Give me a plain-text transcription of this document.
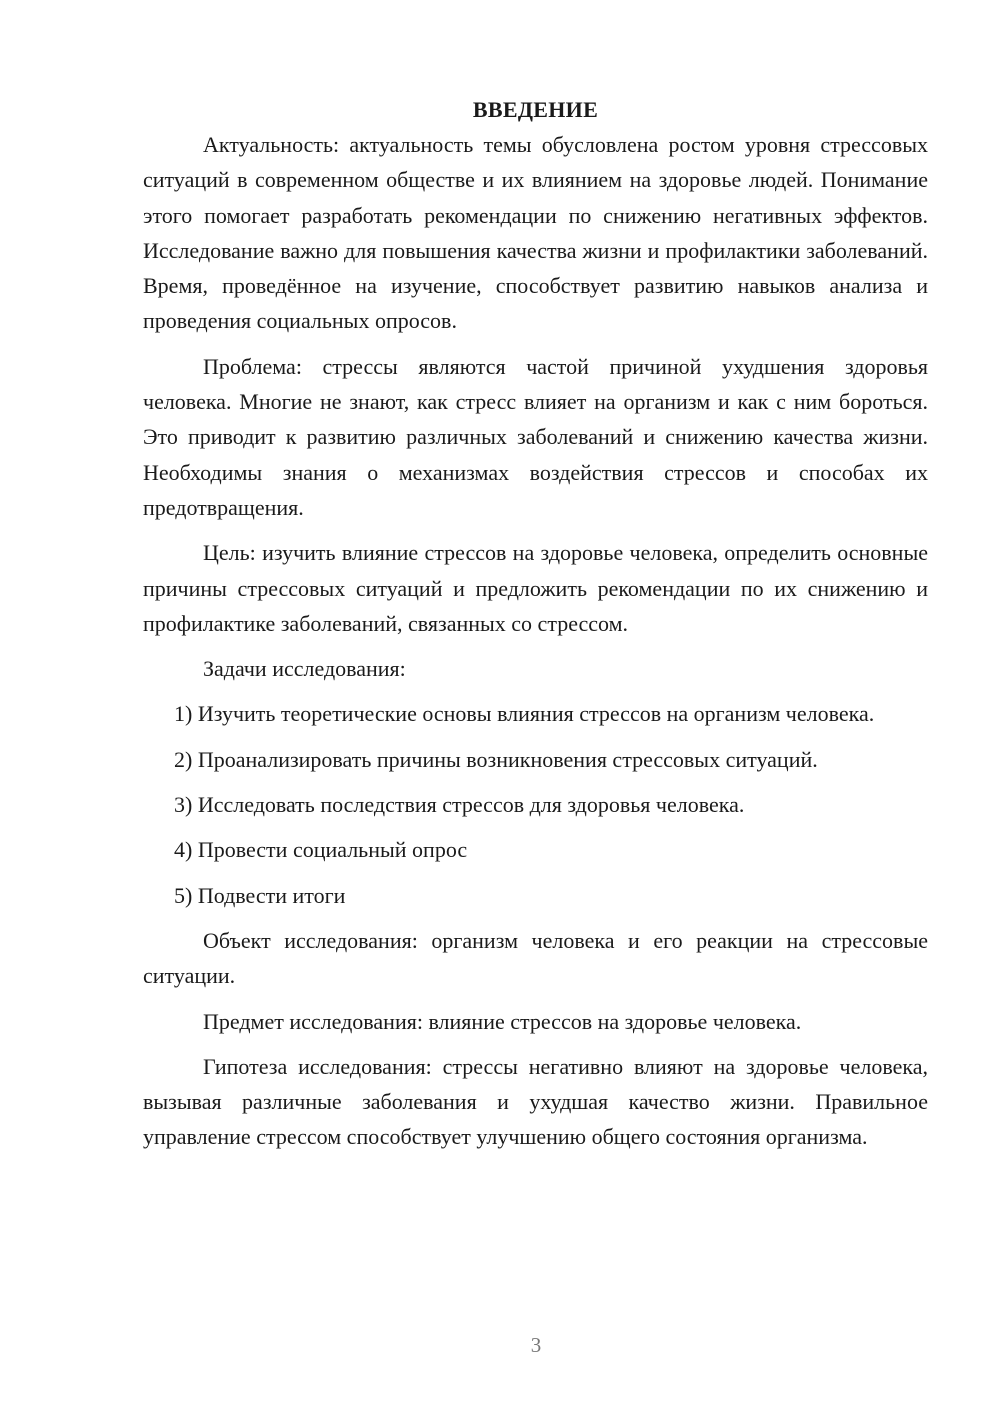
ВВЕДЕНИЕ

Актуальность: актуальность темы обусловлена ростом уровня стрессовых ситуаций в современном обществе и их влиянием на здоровье людей. Понимание этого помогает разработать рекомендации по снижению негативных эффектов. Исследование важно для повышения качества жизни и профилактики заболеваний. Время, проведённое на изучение, способствует развитию навыков анализа и проведения социальных опросов.

Проблема: стрессы являются частой причиной ухудшения здоровья человека. Многие не знают, как стресс влияет на организм и как с ним бороться. Это приводит к развитию различных заболеваний и снижению качества жизни. Необходимы знания о механизмах воздействия стрессов и способах их предотвращения.

Цель: изучить влияние стрессов на здоровье человека, определить основные причины стрессовых ситуаций и предложить рекомендации по их снижению и профилактике заболеваний, связанных со стрессом.

Задачи исследования:

1) Изучить теоретические основы влияния стрессов на организм человека.

2) Проанализировать причины возникновения стрессовых ситуаций.

3) Исследовать последствия стрессов для здоровья человека.

4) Провести социальный опрос

5) Подвести итоги

Объект исследования: организм человека и его реакции на стрессовые ситуации.

Предмет исследования: влияние стрессов на здоровье человека.

Гипотеза исследования: стрессы негативно влияют на здоровье человека, вызывая различные заболевания и ухудшая качество жизни. Правильное управление стрессом способствует улучшению общего состояния организма.

3
